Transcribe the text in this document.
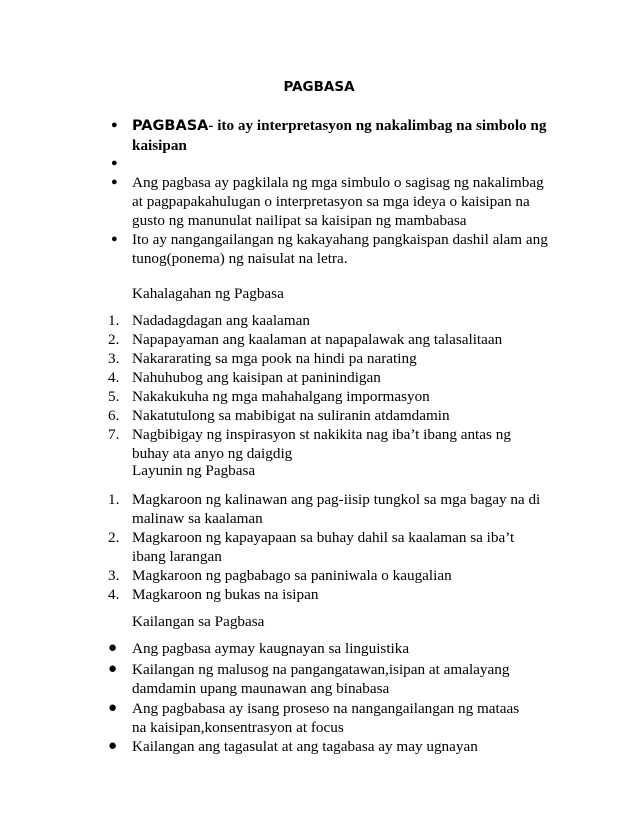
PAGBASA
● PAGBASA- ito ay interpretasyon ng nakalimbag na simbolo ng kaisipan
●
● Ang pagbasa ay pagkilala ng mga simbulo o sagisag ng nakalimbag at pagpapakahulugan o interpretasyon sa mga ideya o kaisipan na gusto ng manunulat nailipat sa kaisipan ng mambabasa
● Ito ay nangangailangan ng kakayahang pangkaispan dashil alam ang tunog(ponema) ng naisulat na letra.
Kahalagahan ng Pagbasa
1. Nadadagdagan ang kaalaman
2. Napapayaman ang kaalaman at napapalawak ang talasalitaan
3. Nakararating sa mga pook na hindi pa narating
4. Nahuhubog ang kaisipan at paninindigan
5. Nakakukuha ng mga mahahalgang impormasyon
6. Nakatutulong sa mabibigat na suliranin atdamdamin
7. Nagbibigay ng inspirasyon st nakikita nag iba’t ibang antas ng buhay ata anyo ng daigdig
Layunin ng Pagbasa
1. Magkaroon ng kalinawan ang pag-iisip tungkol sa mga bagay na di malinaw sa kaalaman
2. Magkaroon ng kapayapaan sa buhay dahil sa kaalaman sa iba’t ibang larangan
3. Magkaroon ng pagbabago sa paniniwala o kaugalian
4. Magkaroon ng bukas na isipan
Kailangan sa Pagbasa
● Ang pagbasa aymay kaugnayan sa linguistika
● Kailangan ng malusog na pangangatawan,isipan at amalayang damdamin upang maunawan ang binabasa
● Ang pagbabasa ay isang proseso na nangangailangan ng mataas na kaisipan,konsentrasyon at focus
● Kailangan ang tagasulat at ang tagabasa ay may ugnayan
